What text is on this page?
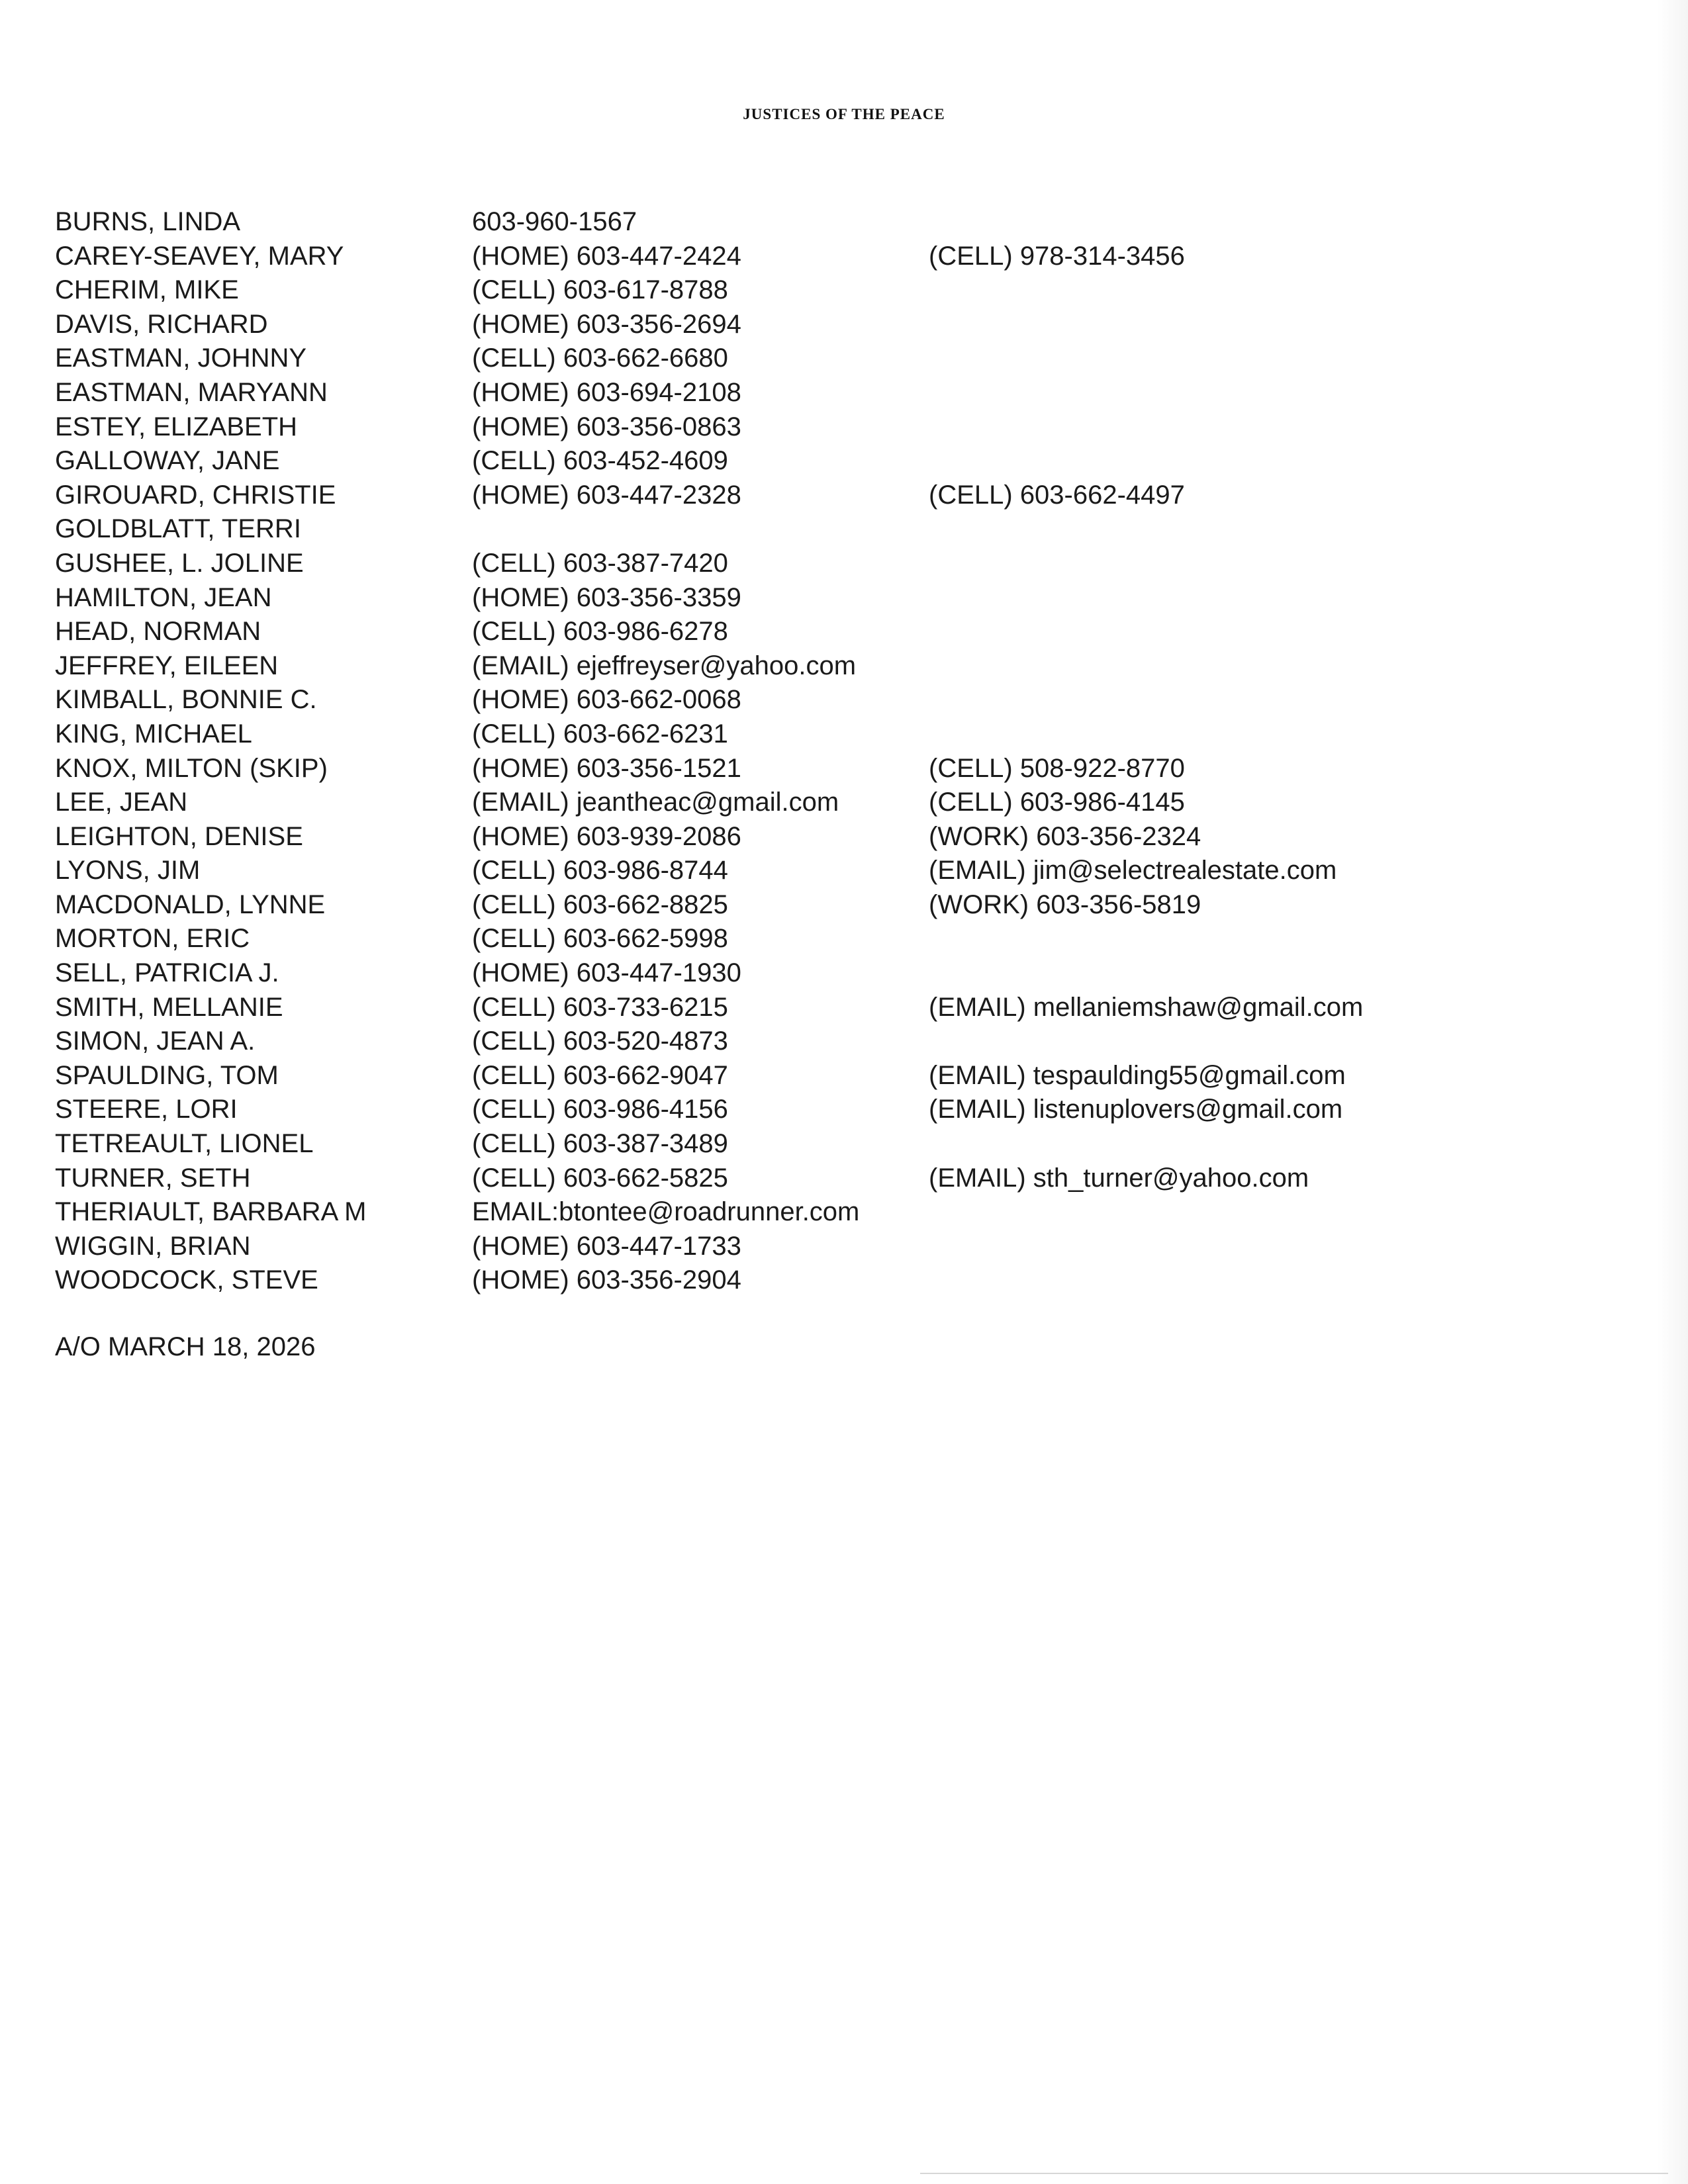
JUSTICES OF THE PEACE
BURNS, LINDA	603-960-1567
CAREY-SEAVEY, MARY	(HOME) 603-447-2424	(CELL) 978-314-3456
CHERIM, MIKE	(CELL) 603-617-8788
DAVIS, RICHARD	(HOME) 603-356-2694
EASTMAN, JOHNNY	(CELL) 603-662-6680
EASTMAN, MARYANN	(HOME) 603-694-2108
ESTEY, ELIZABETH	(HOME) 603-356-0863
GALLOWAY, JANE	(CELL) 603-452-4609
GIROUARD, CHRISTIE	(HOME) 603-447-2328	(CELL) 603-662-4497
GOLDBLATT, TERRI
GUSHEE, L. JOLINE	(CELL) 603-387-7420
HAMILTON, JEAN	(HOME) 603-356-3359
HEAD, NORMAN	(CELL) 603-986-6278
JEFFREY, EILEEN	(EMAIL) ejeffreyser@yahoo.com
KIMBALL, BONNIE C.	(HOME) 603-662-0068
KING, MICHAEL	(CELL) 603-662-6231
KNOX, MILTON (SKIP)	(HOME) 603-356-1521	(CELL) 508-922-8770
LEE, JEAN	(EMAIL) jeantheac@gmail.com	(CELL) 603-986-4145
LEIGHTON, DENISE	(HOME) 603-939-2086	(WORK) 603-356-2324
LYONS, JIM	(CELL) 603-986-8744	(EMAIL) jim@selectrealestate.com
MACDONALD, LYNNE	(CELL) 603-662-8825	(WORK) 603-356-5819
MORTON, ERIC	(CELL) 603-662-5998
SELL, PATRICIA J.	(HOME) 603-447-1930
SMITH, MELLANIE	(CELL) 603-733-6215	(EMAIL) mellaniemshaw@gmail.com
SIMON, JEAN A.	(CELL) 603-520-4873
SPAULDING, TOM	(CELL) 603-662-9047	(EMAIL) tespaulding55@gmail.com
STEERE, LORI	(CELL) 603-986-4156	(EMAIL) listenuplovers@gmail.com
TETREAULT, LIONEL	(CELL) 603-387-3489
TURNER, SETH	(CELL) 603-662-5825	(EMAIL) sth_turner@yahoo.com
THERIAULT, BARBARA M	EMAIL:btontee@roadrunner.com
WIGGIN, BRIAN	(HOME) 603-447-1733
WOODCOCK, STEVE	(HOME) 603-356-2904
A/O MARCH 18, 2026
